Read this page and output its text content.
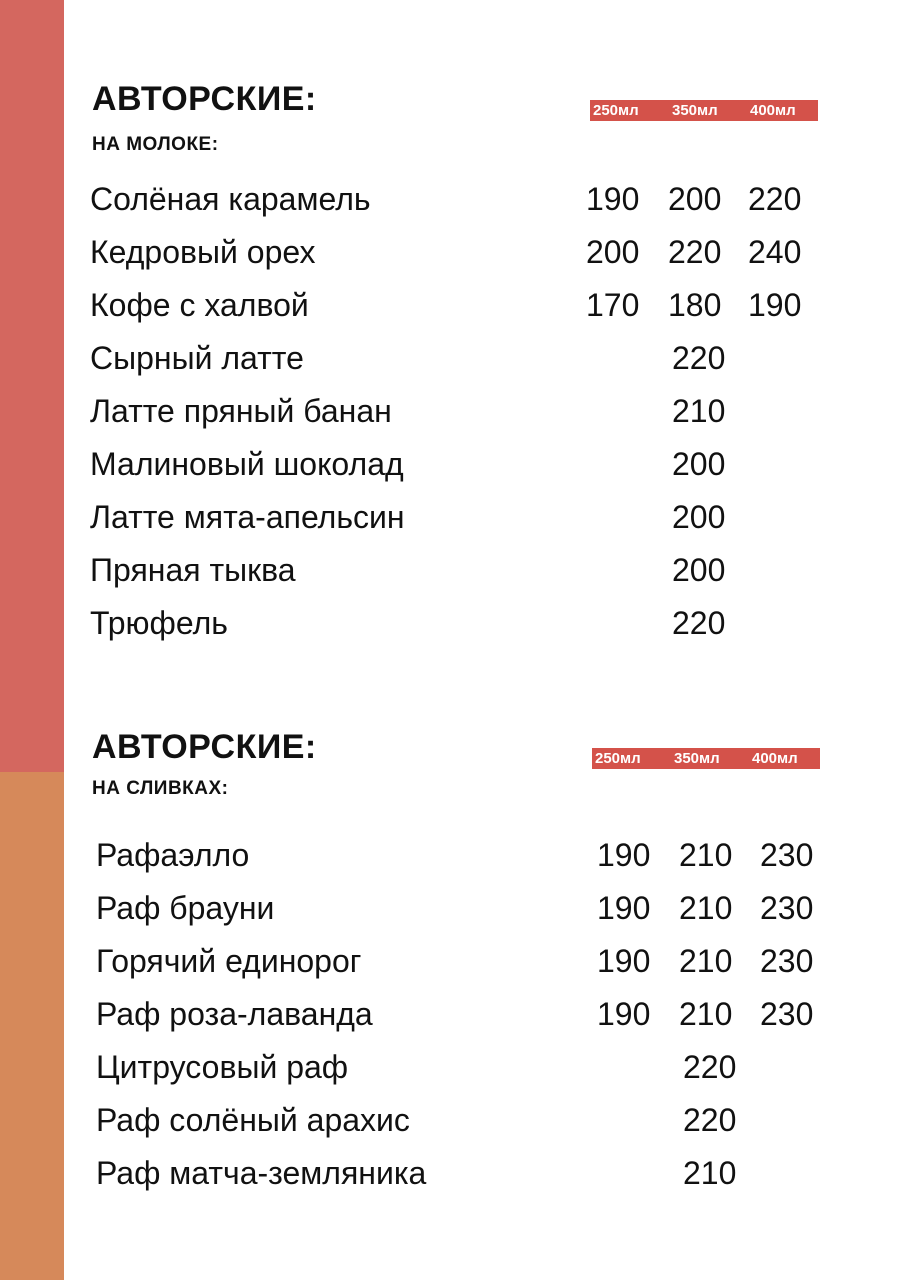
АВТОРСКИЕ:
НА МОЛОКЕ:
250мл 350мл 400мл
Солёная карамель	190 200 220
Кедровый орех	200 220 240
Кофе с халвой	170 180 190
Сырный латте	220
Латте пряный банан	210
Малиновый шоколад	200
Латте мята-апельсин	200
Пряная тыква	200
Трюфель	220
АВТОРСКИЕ:
НА СЛИВКАХ:
250мл 350мл 400мл
Рафаэлло	190 210 230
Раф брауни	190 210 230
Горячий единорог	190 210 230
Раф роза-лаванда	190 210 230
Цитрусовый раф	220
Раф солёный арахис	220
Раф матча-земляника	210
